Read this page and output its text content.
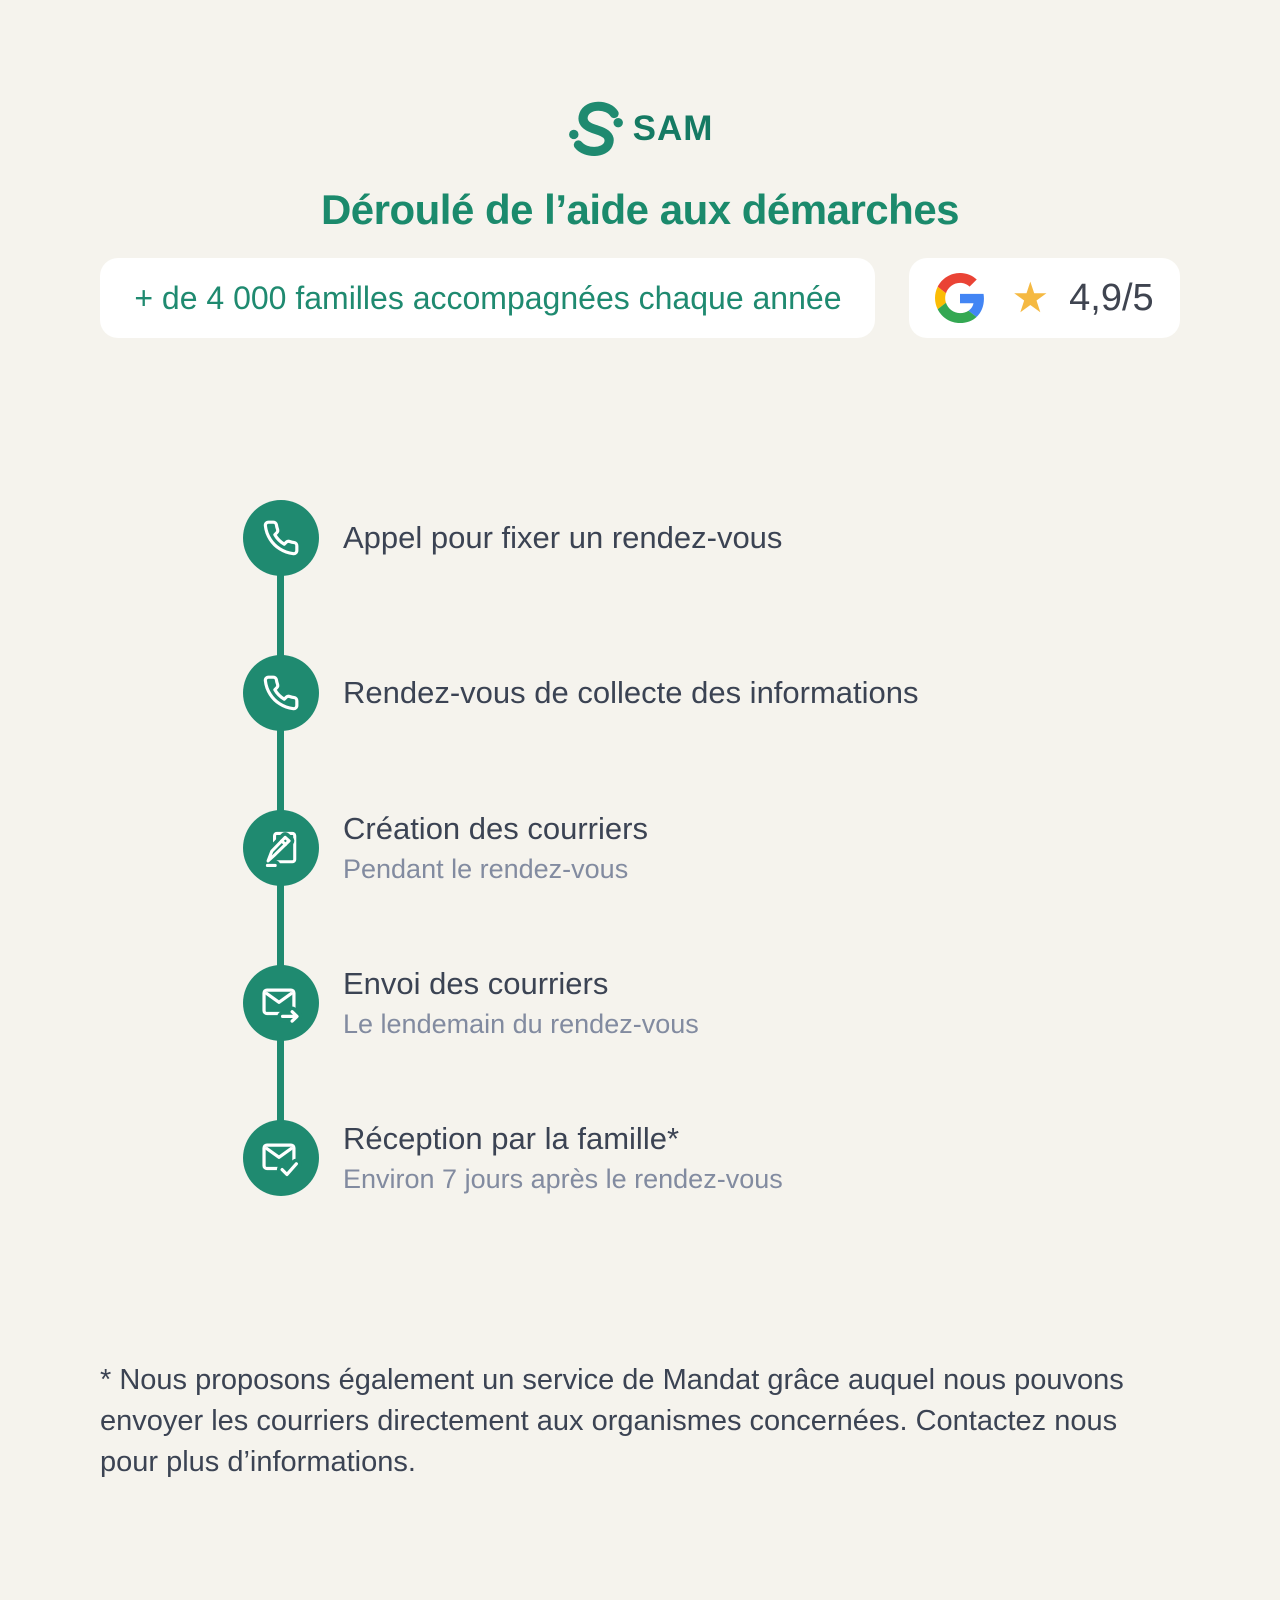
SAM
Déroulé de l’aide aux démarches
+ de 4 000 familles accompagnées chaque année	★ 4,9/5
Appel pour fixer un rendez-vous
Rendez-vous de collecte des informations
Création des courriers
Pendant le rendez-vous
Envoi des courriers
Le lendemain du rendez-vous
Réception par la famille*
Environ 7 jours après le rendez-vous
* Nous proposons également un service de Mandat grâce auquel nous pouvons
envoyer les courriers directement aux organismes concernées. Contactez nous
pour plus d’informations.
